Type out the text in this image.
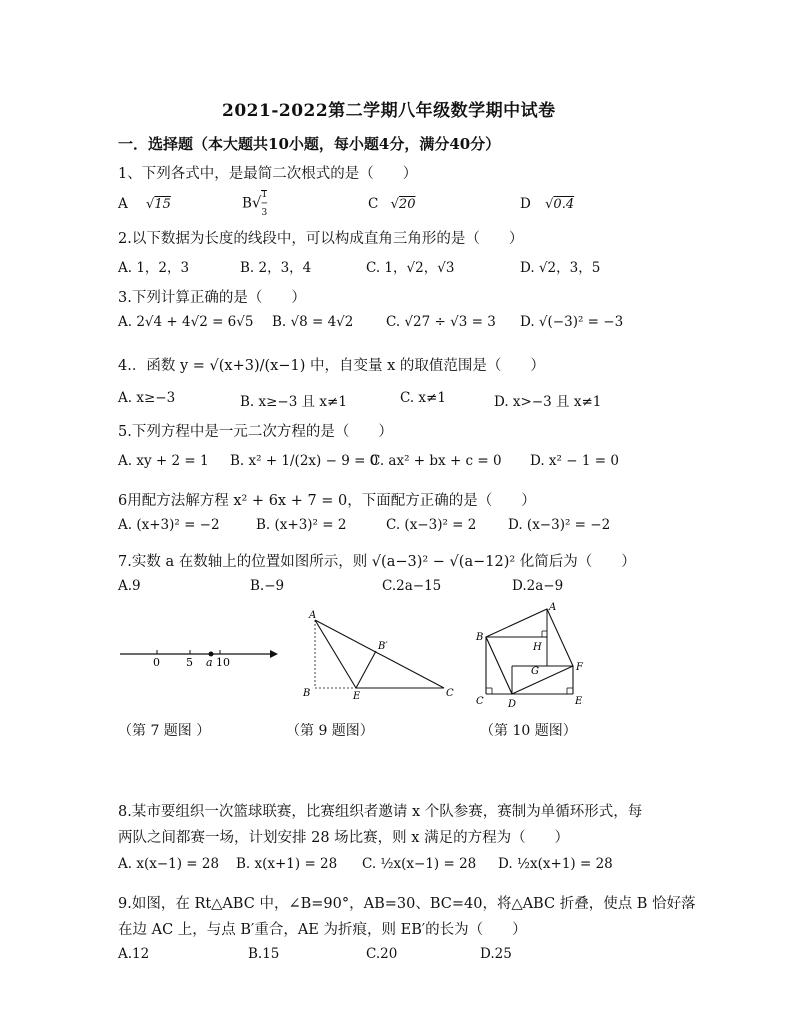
2021-2022第二学期八年级数学期中试卷
一．选择题（本大题共10小题，每小题4分，满分40分）
1、下列各式中，是最简二次根式的是（　　）
A √15	B√1
─
3
C √20	D √0.4
2.以下数据为长度的线段中，可以构成直角三角形的是（　　）
A. 1，2，3	B. 2，3，4	C. 1，√2，√3	D. √2，3，5
3.下列计算正确的是（　　）
A. 2√4 + 4√2 = 6√5 B. √8 = 4√2 C. √27 ÷ √3 = 3 D. √(−3)² = −3
4.．函数 y = √(x+3)/(x−1) 中，自变量 x 的取值范围是（　　）
A. x≥−3	B. x≥−3 且 x≠1	C. x≠1	D. x>−3 且 x≠1
5.下列方程中是一元二次方程的是（　　）
A. xy + 2 = 1 B. x² + 1/(2x) − 9 = 0
C. ax² + bx + c = 0 D. x² − 1 = 0
6用配方法解方程 x² + 6x + 7 = 0，下面配方正确的是（　　）
A. (x+3)² = −2	B. (x+3)² = 2	C. (x−3)² = 2 D. (x−3)² = −2
7.实数 a 在数轴上的位置如图所示，则 √(a−3)² − √(a−12)² 化简后为（　　）
A.9	B.−9	C.2a−15	D.2a−9
0 5 a 10
A
B′
B	E	C
A
B
H
F
G
C D	E
（第 7 题图 ）	（第 9 题图）	（第 10 题图）
8.某市要组织一次篮球联赛，比赛组织者邀请 x 个队参赛，赛制为单循环形式，每
两队之间都赛一场，计划安排 28 场比赛，则 x 满足的方程为（　　）
A. x(x−1) = 28 B. x(x+1) = 28 C. ½x(x−1) = 28 D. ½x(x+1) = 28
9.如图，在 Rt△ABC 中，∠B=90°，AB=30、BC=40，将△ABC 折叠，使点 B 恰好落
在边 AC 上，与点 B′重合，AE 为折痕，则 EB′的长为（　　）
A.12	B.15	C.20	D.25
